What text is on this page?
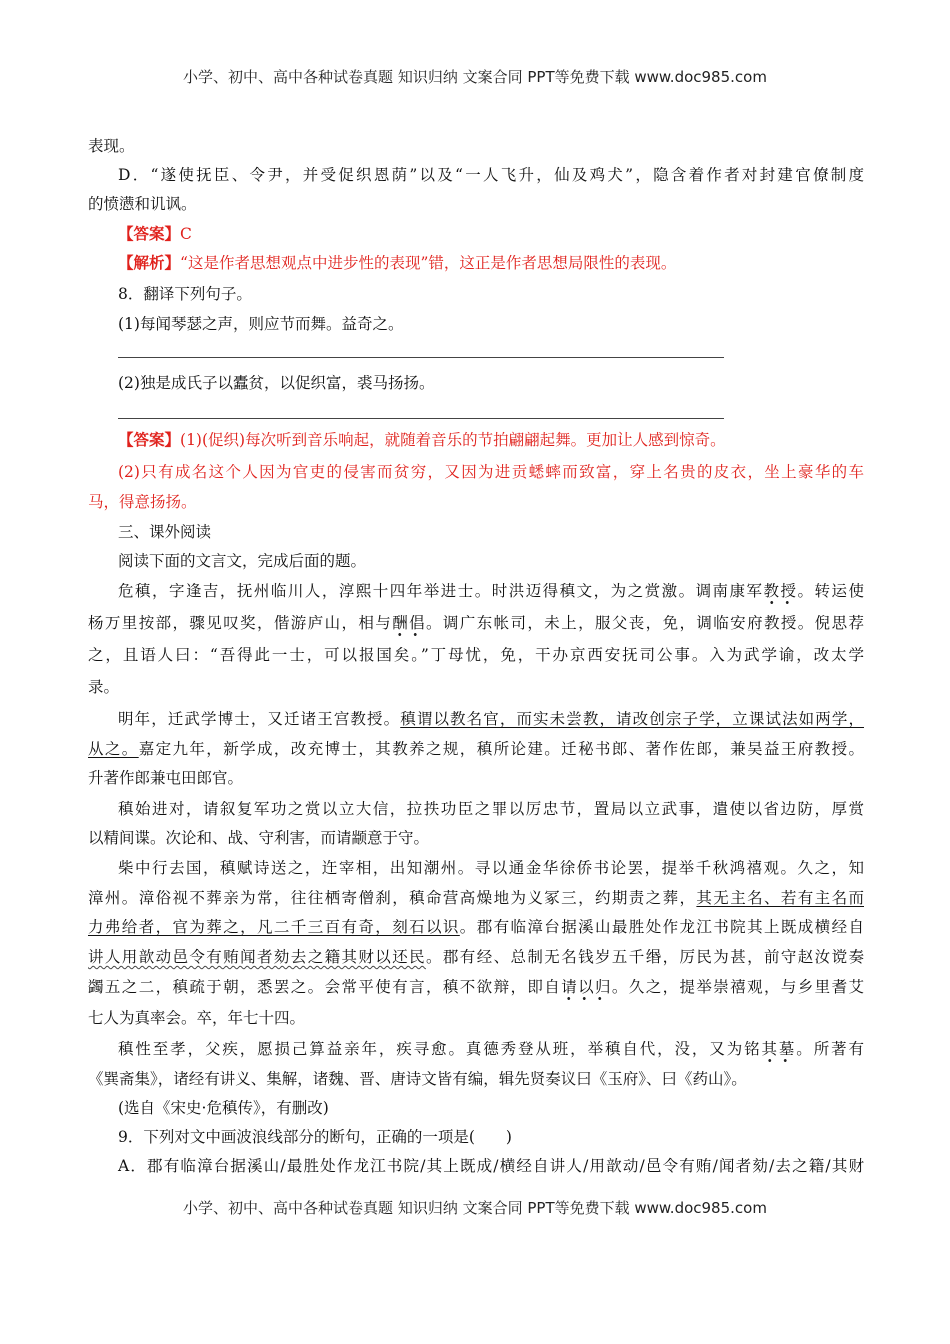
小学、初中、高中各种试卷真题 知识归纳 文案合同 PPT等免费下载 www.doc985.com
表现。
D．“遂使抚臣、令尹，并受促织恩荫”以及“一人飞升，仙及鸡犬”，隐含着作者对封建官僚制度
的愤懑和讥讽。
【答案】C
【解析】“这是作者思想观点中进步性的表现”错，这正是作者思想局限性的表现。
8．翻译下列句子。
(1)每闻琴瑟之声，则应节而舞。益奇之。
(2)独是成氏子以蠹贫，以促织富，裘马扬扬。
【答案】(1)(促织)每次听到音乐响起，就随着音乐的节拍翩翩起舞。更加让人感到惊奇。
(2)只有成名这个人因为官吏的侵害而贫穷，又因为进贡蟋蟀而致富，穿上名贵的皮衣，坐上豪华的车
马，得意扬扬。
三、课外阅读
阅读下面的文言文，完成后面的题。
危稹，字逢吉，抚州临川人，淳熙十四年举进士。时洪迈得稹文，为之赏激。调南康军教授。转运使
杨万里按部，骤见叹奖，偕游庐山，相与酬倡。调广东帐司，未上，服父丧，免，调临安府教授。倪思荐
之，且语人曰：“吾得此一士，可以报国矣。”丁母忧，免，干办京西安抚司公事。入为武学谕，改太学
录。
明年，迁武学博士，又迁诸王宫教授。稹谓以教名官，而实未尝教，请改创宗子学，立课试法如两学，
从之。嘉定九年，新学成，改充博士，其教养之规，稹所论建。迁秘书郎、著作佐郎，兼吴益王府教授。
升著作郎兼屯田郎官。
稹始进对，请叙复军功之赏以立大信，拉抶功臣之罪以厉忠节，置局以立武事，遣使以省边防，厚赏
以精间谍。次论和、战、守利害，而请颛意于守。
柴中行去国，稹赋诗送之，迕宰相，出知潮州。寻以通金华徐侨书论罢，提举千秋鸿禧观。久之，知
漳州。漳俗视不葬亲为常，往往栖寄僧刹，稹命营高燥地为义冢三，约期责之葬，其无主名、若有主名而
力弗给者，官为葬之，凡二千三百有奇，刻石以识。郡有临漳台据溪山最胜处作龙江书院其上既成横经自
讲人用歆动邑令有贿闻者劾去之籍其财以还民。郡有经、总制无名钱岁五千缗，厉民为甚，前守赵汝谠奏
蠲五之二，稹疏于朝，悉罢之。会常平使有言，稹不欲辩，即自请以归。久之，提举崇禧观，与乡里耆艾
七人为真率会。卒，年七十四。
稹性至孝，父疾，愿损己算益亲年，疾寻愈。真德秀登从班，举稹自代，没，又为铭其墓。所著有
《巽斋集》，诸经有讲义、集解，诸魏、晋、唐诗文皆有编，辑先贤奏议曰《玉府》、曰《药山》。
(选自《宋史·危稹传》，有删改)
9．下列对文中画波浪线部分的断句，正确的一项是(　　)
A．郡有临漳台据溪山/最胜处作龙江书院/其上既成/横经自讲人/用歆动/邑令有贿/闻者劾/去之籍/其财
小学、初中、高中各种试卷真题 知识归纳 文案合同 PPT等免费下载 www.doc985.com
